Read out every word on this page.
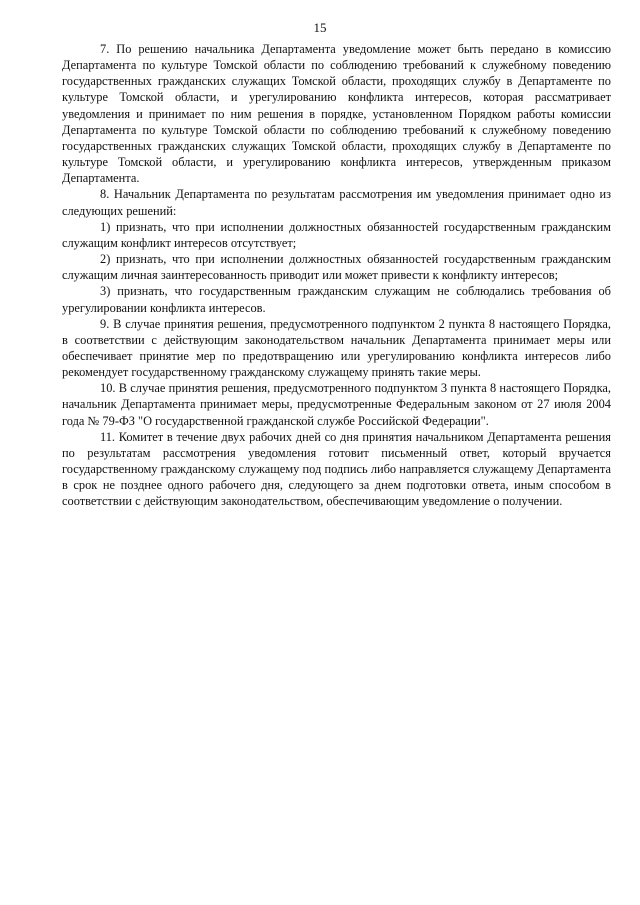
15

7. По решению начальника Департамента уведомление может быть передано в комиссию Департамента по культуре Томской области по соблюдению требований к служебному поведению государственных гражданских служащих Томской области, проходящих службу в Департаменте по культуре Томской области, и урегулированию конфликта интересов, которая рассматривает уведомления и принимает по ним решения в порядке, установленном Порядком работы комиссии Департамента по культуре Томской области по соблюдению требований к служебному поведению государственных гражданских служащих Томской области, проходящих службу в Департаменте по культуре Томской области, и урегулированию конфликта интересов, утвержденным приказом Департамента.

8. Начальник Департамента по результатам рассмотрения им уведомления принимает одно из следующих решений:

1) признать, что при исполнении должностных обязанностей государственным гражданским служащим конфликт интересов отсутствует;

2) признать, что при исполнении должностных обязанностей государственным гражданским служащим личная заинтересованность приводит или может привести к конфликту интересов;

3) признать, что государственным гражданским служащим не соблюдались требования об урегулировании конфликта интересов.

9. В случае принятия решения, предусмотренного подпунктом 2 пункта 8 настоящего Порядка, в соответствии с действующим законодательством начальник Департамента принимает меры или обеспечивает принятие мер по предотвращению или урегулированию конфликта интересов либо рекомендует государственному гражданскому служащему принять такие меры.

10. В случае принятия решения, предусмотренного подпунктом 3 пункта 8 настоящего Порядка, начальник Департамента принимает меры, предусмотренные Федеральным законом от 27 июля 2004 года № 79-ФЗ "О государственной гражданской службе Российской Федерации".

11. Комитет в течение двух рабочих дней со дня принятия начальником Департамента решения по результатам рассмотрения уведомления готовит письменный ответ, который вручается государственному гражданскому служащему под подпись либо направляется служащему Департамента в срок не позднее одного рабочего дня, следующего за днем подготовки ответа, иным способом в соответствии с действующим законодательством, обеспечивающим уведомление о получении.
